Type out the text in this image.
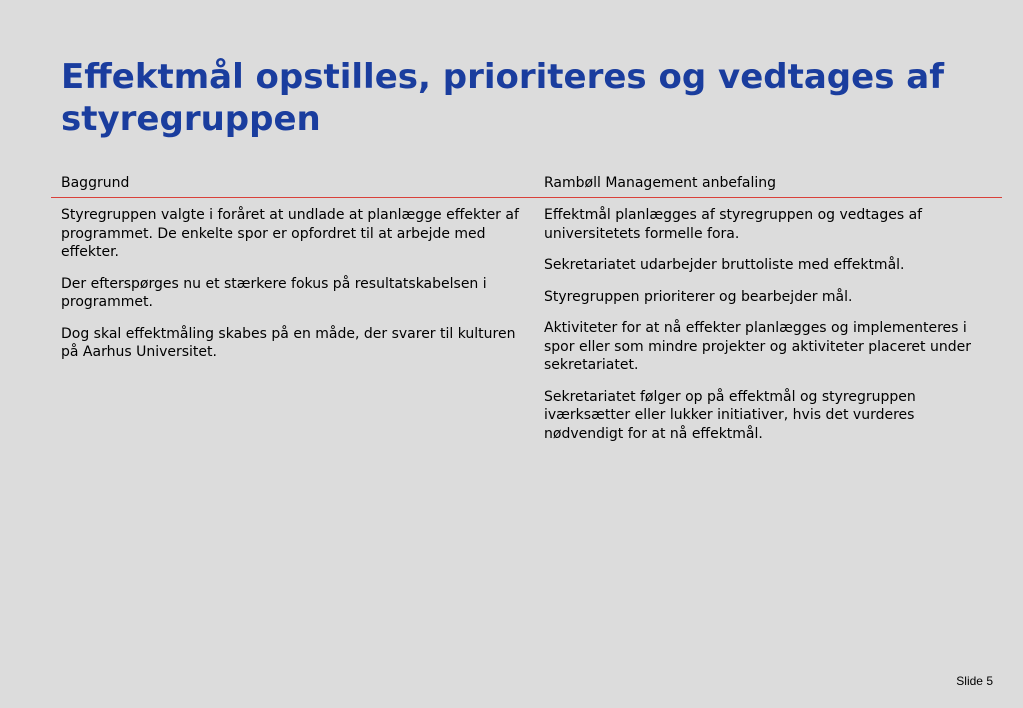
Effektmål opstilles, prioriteres og vedtages af styregruppen
Baggrund	Rambøll Management anbefaling

Styregruppen valgte i foråret at undlade at planlægge effekter af programmet. De enkelte spor er opfordret til at arbejde med effekter.

Der efterspørges nu et stærkere fokus på resultatskabelsen i programmet.

Dog skal effektmåling skabes på en måde, der svarer til kulturen på Aarhus Universitet.

Effektmål planlægges af styregruppen og vedtages af universitetets formelle fora.

Sekretariatet udarbejder bruttoliste med effektmål.

Styregruppen prioriterer og bearbejder mål.

Aktiviteter for at nå effekter planlægges og implementeres i spor eller som mindre projekter og aktiviteter placeret under sekretariatet.

Sekretariatet følger op på effektmål og styregruppen iværksætter eller lukker initiativer, hvis det vurderes nødvendigt for at nå effektmål.

Slide 5
